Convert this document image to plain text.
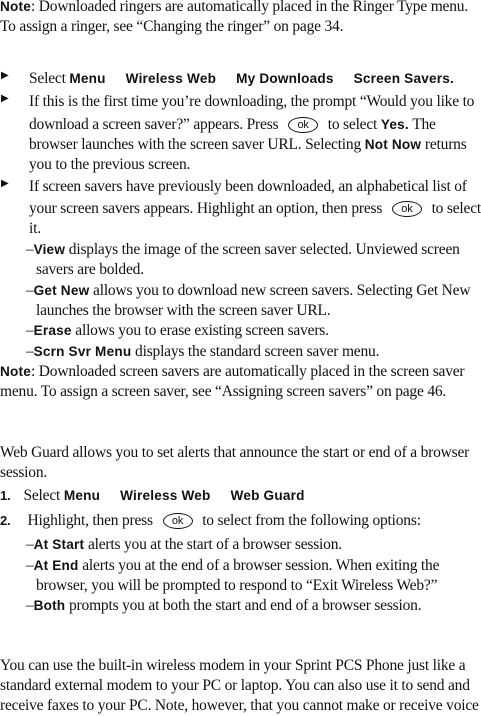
Note: Downloaded ringers are automatically placed in the Ringer Type menu.
To assign a ringer, see “Changing the ringer” on page 34.
▶ Select Menu Wireless Web My Downloads Screen Savers.
▶ If this is the first time you’re downloading, the prompt “Would you like to
download a screen saver?” appears. Press ok to select Yes. The
browser launches with the screen saver URL. Selecting Not Now returns
you to the previous screen.
▶ If screen savers have previously been downloaded, an alphabetical list of
your screen savers appears. Highlight an option, then press ok to select
it.
–View displays the image of the screen saver selected. Unviewed screen
savers are bolded.
–Get New allows you to download new screen savers. Selecting Get New
launches the browser with the screen saver URL.
–Erase allows you to erase existing screen savers.
–Scrn Svr Menu displays the standard screen saver menu.
Note: Downloaded screen savers are automatically placed in the screen saver
menu. To assign a screen saver, see “Assigning screen savers” on page 46.
Web Guard allows you to set alerts that announce the start or end of a browser
session.
1. Select Menu Wireless Web Web Guard
2. Highlight, then press ok to select from the following options:
–At Start alerts you at the start of a browser session.
–At End alerts you at the end of a browser session. When exiting the
browser, you will be prompted to respond to “Exit Wireless Web?”
–Both prompts you at both the start and end of a browser session.
You can use the built-in wireless modem in your Sprint PCS Phone just like a
standard external modem to your PC or laptop. You can also use it to send and
receive faxes to your PC. Note, however, that you cannot make or receive voice
